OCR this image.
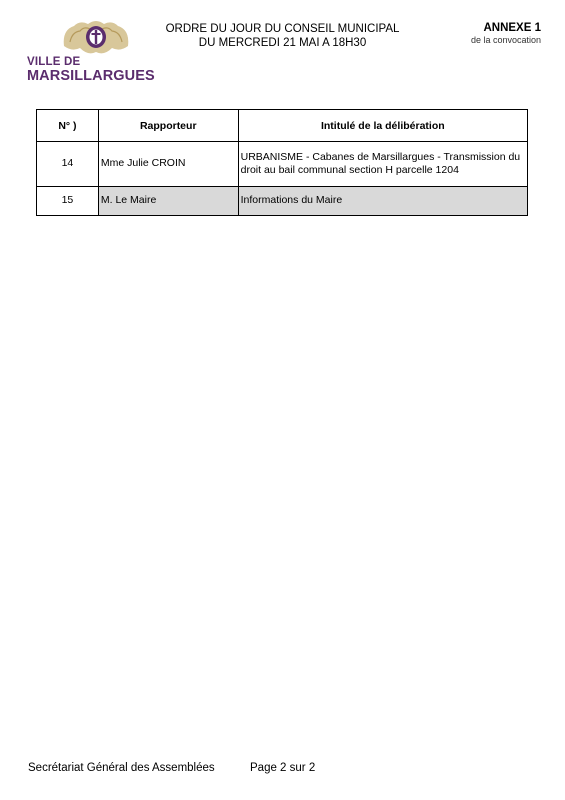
VILLE DE
MARSILLARGUES
ORDRE DU JOUR DU CONSEIL MUNICIPAL
DU MERCREDI 21 MAI A 18H30
ANNEXE 1
de la convocation
N° )	Rapporteur	Intitulé de la délibération
14	Mme Julie CROIN	URBANISME - Cabanes de Marsillargues - Transmission du droit au bail communal section H parcelle 1204
15	M. Le Maire	Informations du Maire
Secrétariat Général des Assemblées	Page 2 sur 2
